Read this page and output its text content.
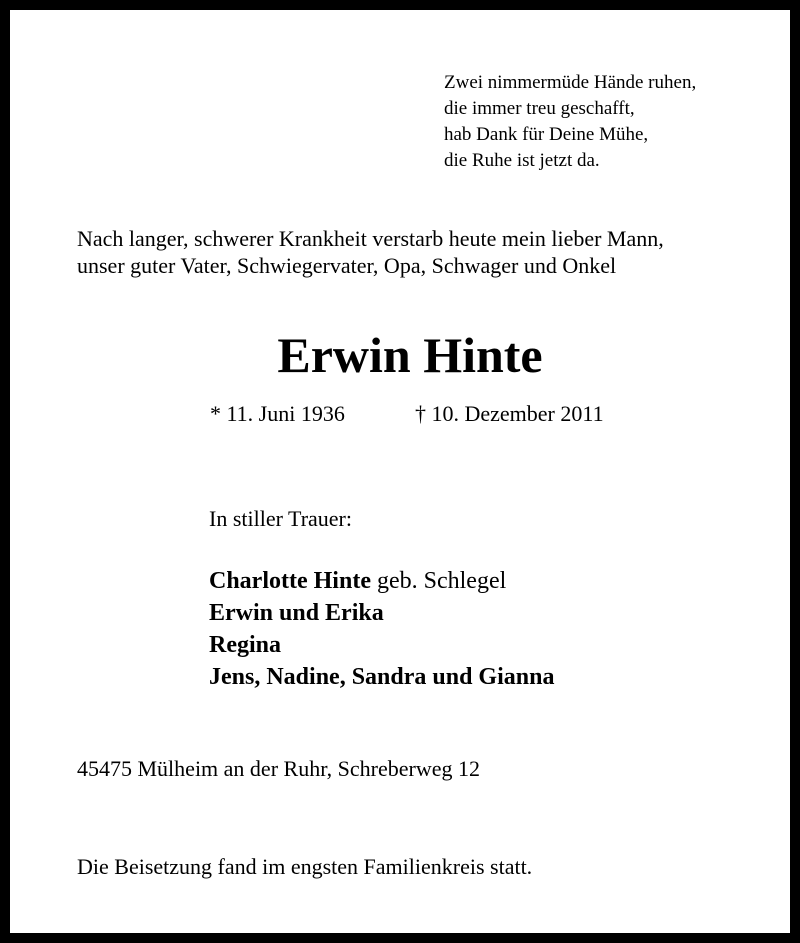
Zwei nimmermüde Hände ruhen,
die immer treu geschafft,
hab Dank für Deine Mühe,
die Ruhe ist jetzt da.
Nach langer, schwerer Krankheit verstarb heute mein lieber Mann,
unser guter Vater, Schwiegervater, Opa, Schwager und Onkel
Erwin Hinte
* 11. Juni 1936	† 10. Dezember 2011
In stiller Trauer:
Charlotte Hinte geb. Schlegel
Erwin und Erika
Regina
Jens, Nadine, Sandra und Gianna
45475 Mülheim an der Ruhr, Schreberweg 12
Die Beisetzung fand im engsten Familienkreis statt.
